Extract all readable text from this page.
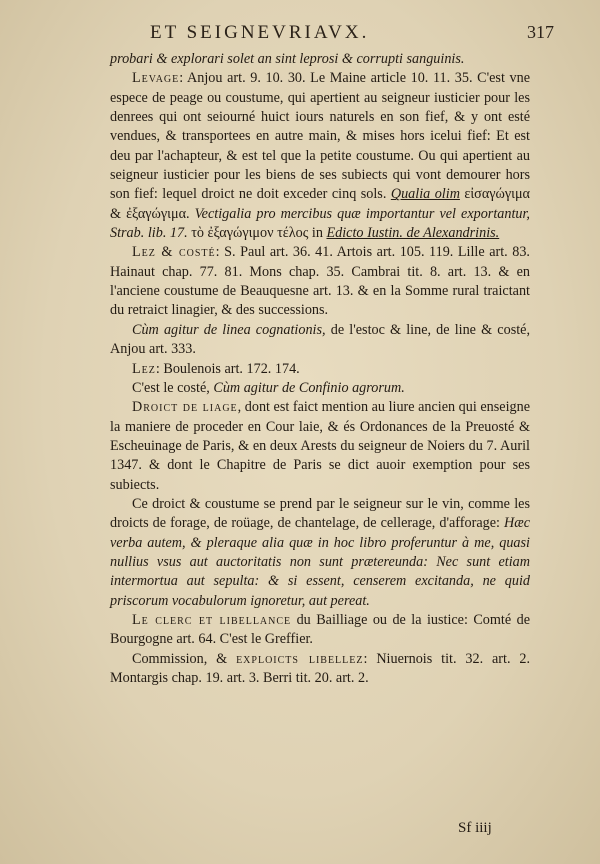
ET SEIGNEVRIAVX.	317

probari & explorari solet an sint leprosi & corrupti sanguinis.

Levage: Anjou art. 9. 10. 30. Le Maine article 10. 11. 35. C'est vne espece de peage ou coustume, qui apertient au seigneur iusticier pour les denrees qui ont seiourné huict iours naturels en son fief, & y ont esté vendues, & transportees en autre main, & mises hors icelui fief: Et est deu par l'achapteur, & est tel que la petite coustume. Ou qui apertient au seigneur iusticier pour les biens de ses subiects qui vont demourer hors son fief: lequel droict ne doit exceder cinq sols. Qualia olim εἰσαγώγιμα & ἐξαγώγιμα. Vectigalia pro mercibus quæ importantur vel exportantur, Strab. lib. 17. τὸ ἐξαγώγιμον τέλος in Edicto Iustin. de Alexandrinis.

Lez & costé: S. Paul art. 36. 41. Artois art. 105. 119. Lille art. 83. Hainaut chap. 77. 81. Mons chap. 35. Cambrai tit. 8. art. 13. & en l'anciene coustume de Beauquesne art. 13. & en la Somme rural traictant du retraict linagier, & des successions.

Cùm agitur de linea cognationis, de l'estoc & line, de line & costé, Anjou art. 333.

Lez: Boulenois art. 172. 174.

C'est le costé, Cùm agitur de Confinio agrorum.

Droict de liage, dont est faict mention au liure ancien qui enseigne la maniere de proceder en Cour laie, & és Ordonances de la Preuosté & Escheuinage de Paris, & en deux Arests du seigneur de Noiers du 7. Auril 1347. & dont le Chapitre de Paris se dict auoir exemption pour ses subiects.

Ce droict & coustume se prend par le seigneur sur le vin, comme les droicts de forage, de roüage, de chantelage, de cellerage, d'afforage: Hæc verba autem, & pleraque alia quæ in hoc libro proferuntur à me, quasi nullius vsus aut auctoritatis non sunt prætereunda: Nec sunt etiam intermortua aut sepulta: & si essent, censerem excitanda, ne quid priscorum vocabulorum ignoretur, aut pereat.

Le clerc et libellance du Bailliage ou de la iustice: Comté de Bourgogne art. 64. C'est le Greffier.

Commission, & exploicts libellez: Niuernois tit. 32. art. 2. Montargis chap. 19. art. 3. Berri tit. 20. art. 2.

Sf iiij
